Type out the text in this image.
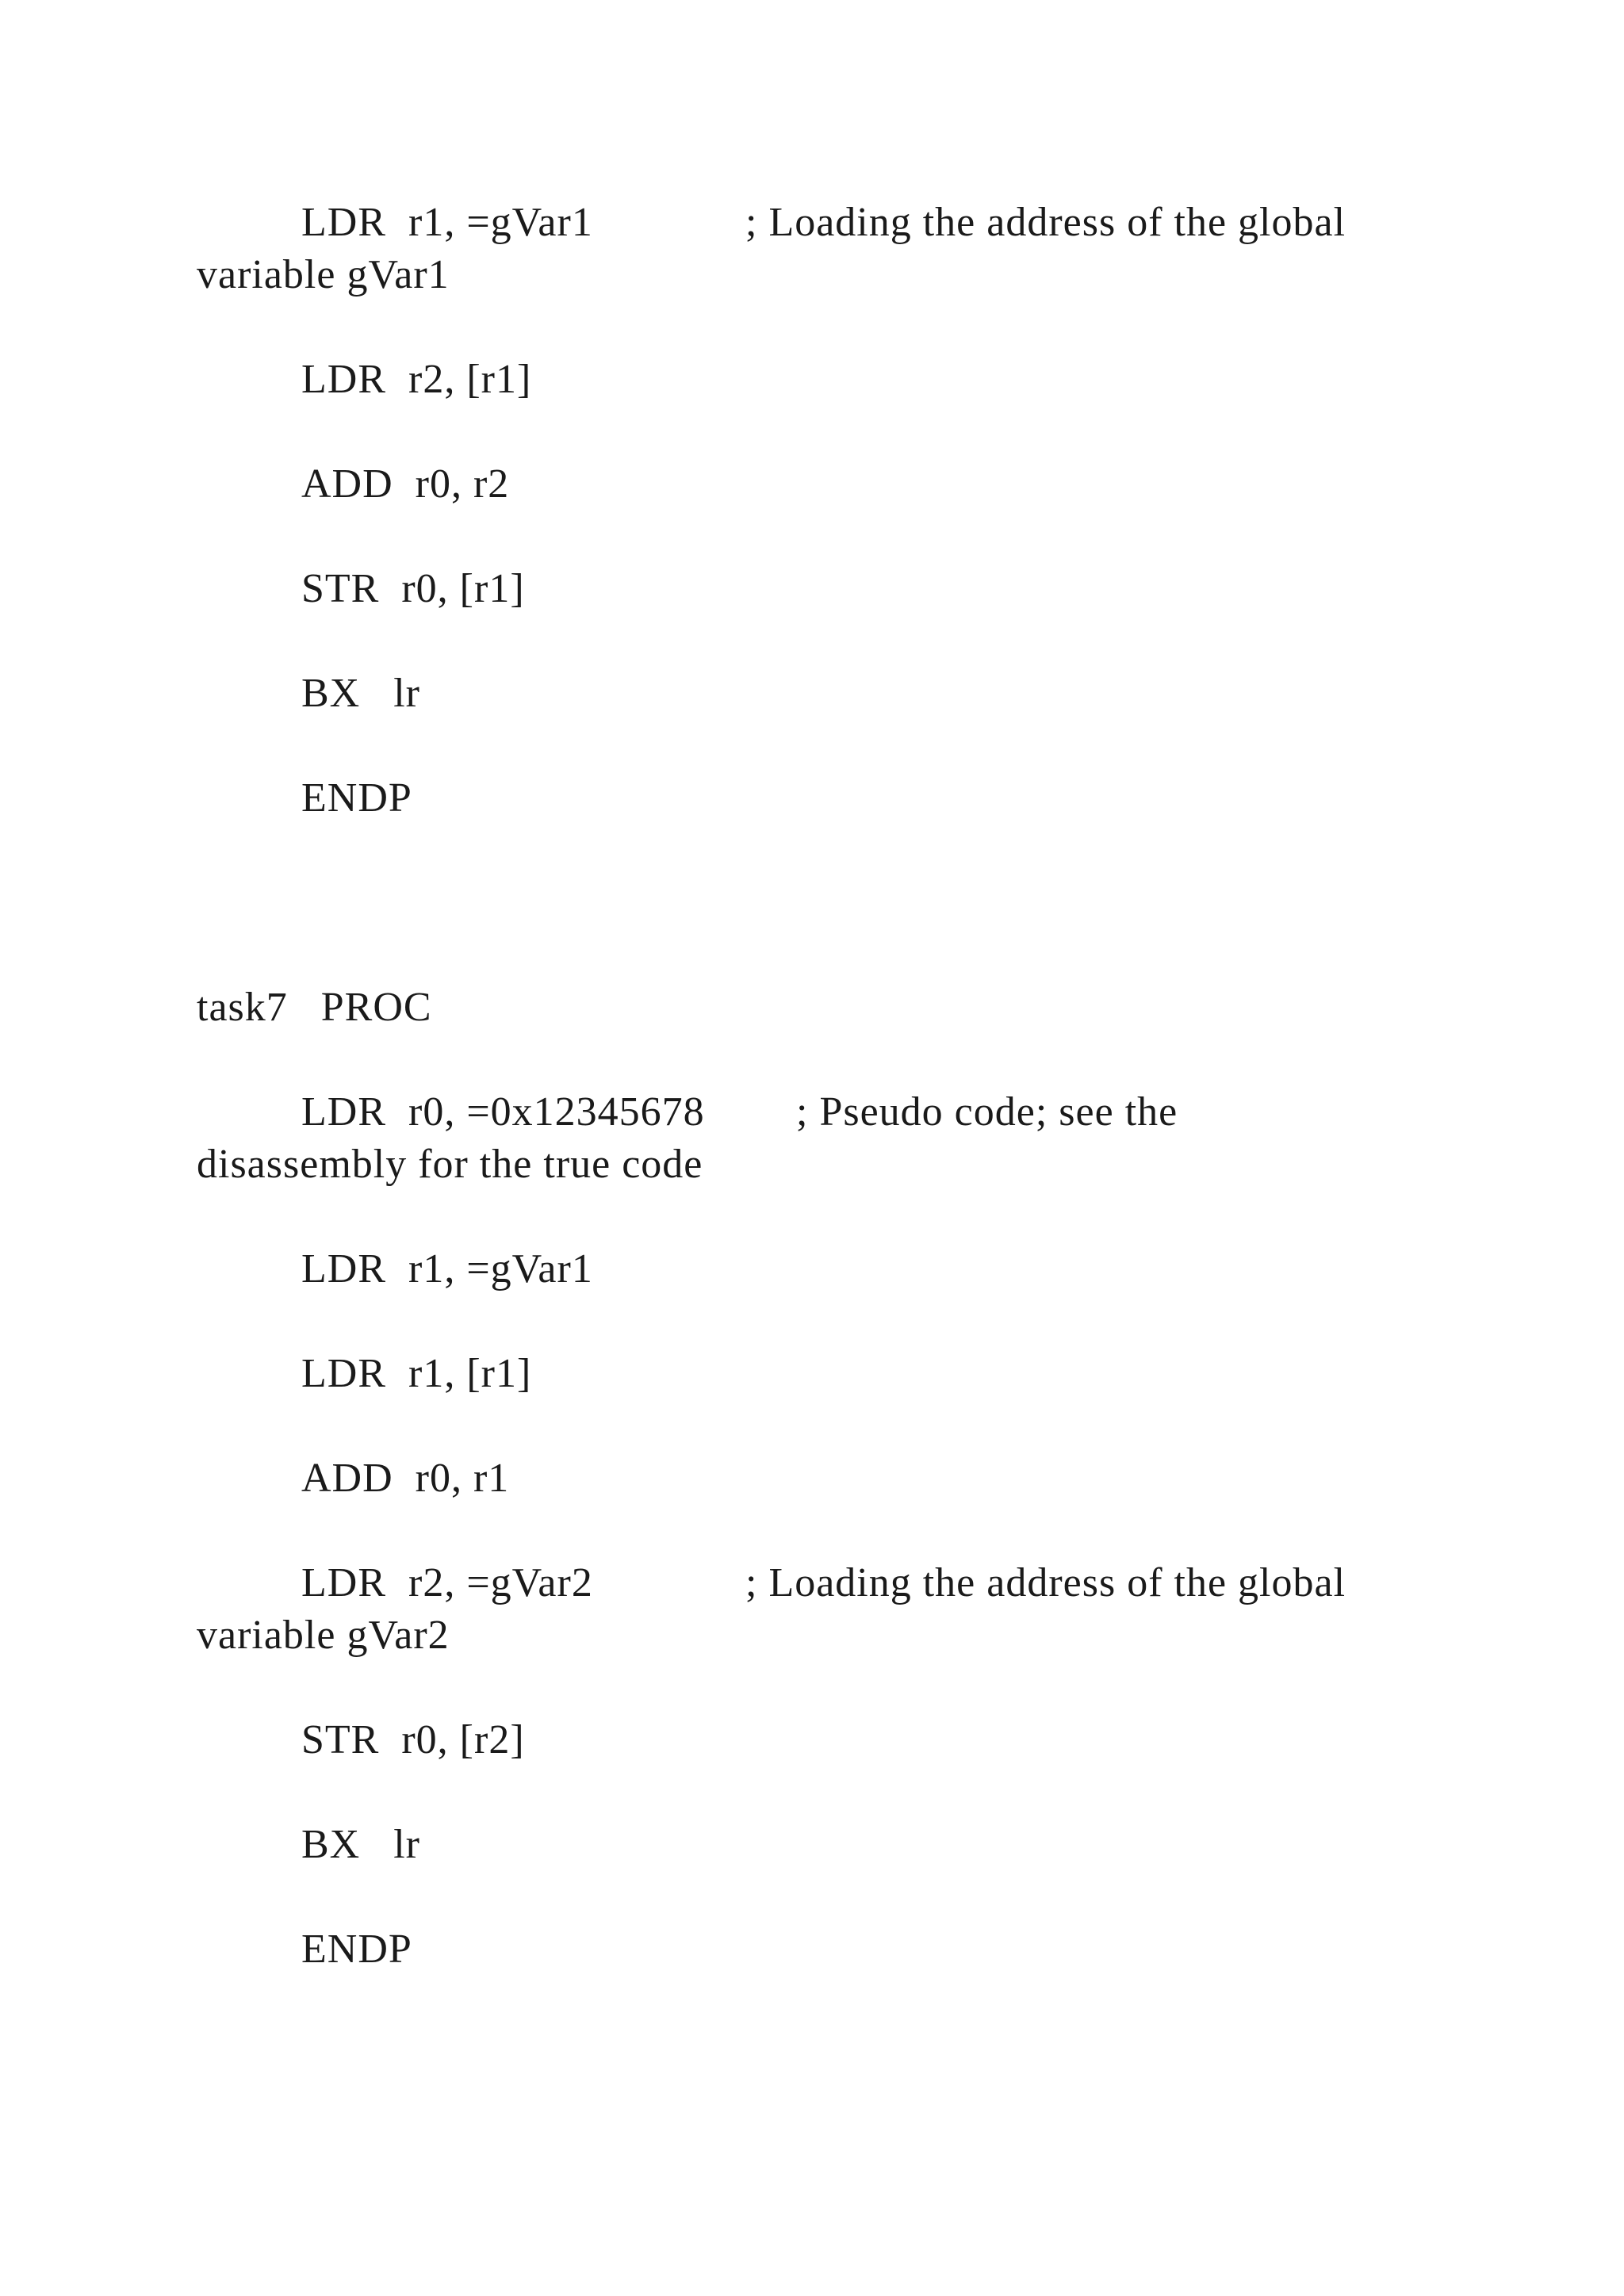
LDR  r1, =gVar1	; Loading the address of the global
variable gVar1
LDR  r2, [r1]
ADD  r0, r2
STR  r0, [r1]
BX   lr
ENDP
task7   PROC
LDR  r0, =0x12345678 ; Pseudo code; see the
disassembly for the true code
LDR  r1, =gVar1
LDR  r1, [r1]
ADD  r0, r1
LDR  r2, =gVar2	; Loading the address of the global
variable gVar2
STR  r0, [r2]
BX   lr
ENDP
